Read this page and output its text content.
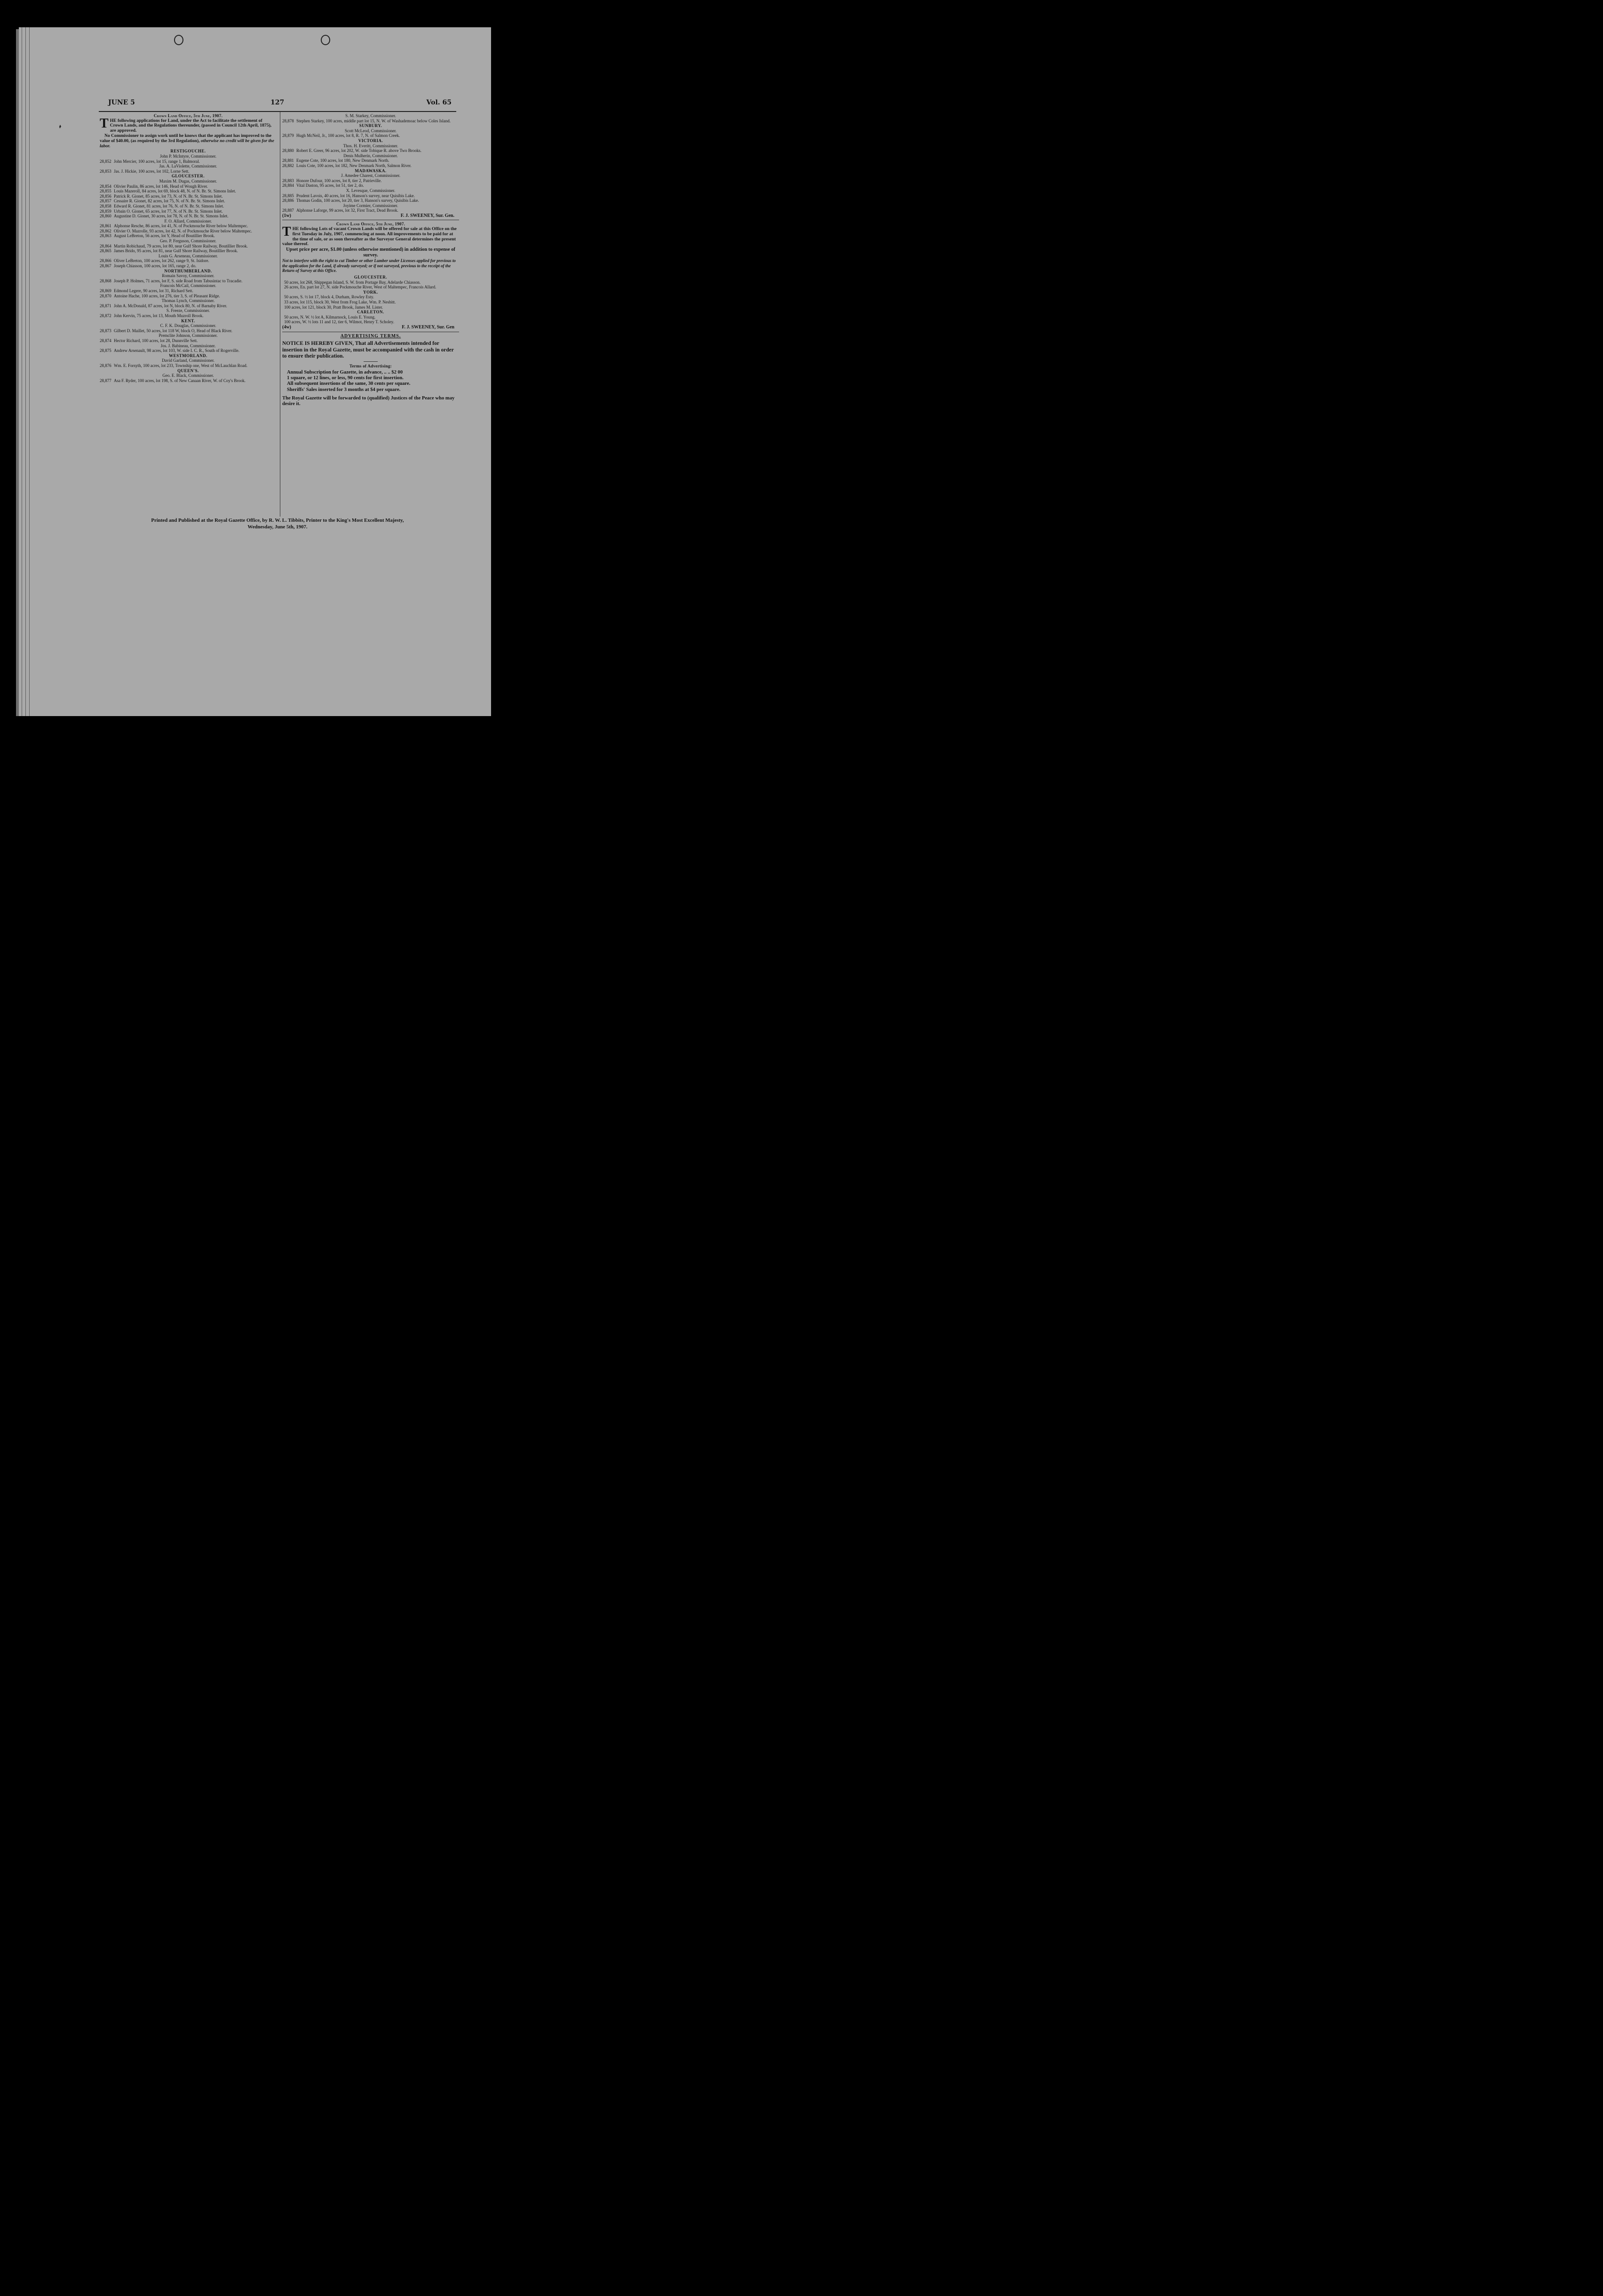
JUNE 5	127	Vol. 65
Crown Land Office, 5th June, 1907.
THE following applications for Land, under the Act to facilitate the settlement of Crown Lands, and the Regulations thereunder, (passed in Council 12th April, 1875), are approved.
No Commissioner to assign work until he knows that the applicant has improved to the value of $40.00, (as required by the 3rd Regulation), otherwise no credit will be given for the labor.
RESTIGOUCHE.
John P. McIntyre, Commissioner.
28,852 John Mercier, 100 acres, lot 15, range 1, Balmoral.
Jas. A. LaViolette, Commissioner.
28,853 Jas. J. Hickie, 100 acres, lot 102, Lorne Sett.
GLOUCESTER.
Maxim M. Dugas, Commissioner.
28,854 Olivier Paulin, 86 acres, lot 146, Head of Wough River.
28,855 Louis Mazeroll, 84 acres, lot 69, block 48, N. of N. Br. St. Simons Inlet.
28,856 Patrick R. Gionet, 85 acres, lot 73, N. of N. Br. St. Simons Inlet.
28,857 Cessaire R. Gionet, 82 acres, lot 75, N. of N. Br. St. Simons Inlet.
28,858 Edward R. Gionet, 81 acres, lot 76, N. of N. Br. St. Simons Inlet.
28,859 Urbain O. Gionet, 65 acres, lot 77, N. of N. Br. St. Simons Inlet.
28,860 Augustine D. Gionet, 30 acres, lot 78, N. of N. Br. St. Simons Inlet.
F. O. Allard, Commissioner.
28,861 Alphonse Resche, 86 acres, lot 41, N. of Pockmouche River below Maltempec.
28,862 Olivier O. Mazrolle, 93 acres, lot 42, N. of Pockmouche River below Maltempec.
28,863 August LeBreton, 56 acres, lot Y, Head of Boutillier Brook.
Geo. P. Ferguson, Commissioner.
28,864 Martin Robichaud, 79 acres, lot 80, near Gulf Shore Railway, Boutillier Brook.
28,865 James Brido, 95 acres, lot 81, near Gulf Shore Railway, Boutillier Brook.
Louis G. Arseneau, Commissioner.
28,866 Oliver LeBreton, 100 acres, lot 262, range 9, St. Isidore.
28,867 Joseph Chiasson, 100 acres, lot 165, range 2, do.
NORTHUMBERLAND.
Romain Savoy, Commissioner.
28,868 Joseph P. Holmes, 71 acres, lot F, S. side Road from Tabusintac to Tracadie.
Francois McCail, Commissioner.
28,869 Edmond Legere, 90 acres, lot 31, Richard Sett.
28,870 Antoine Hache, 100 acres, lot 276, tier 3, S. of Pleasant Ridge.
Thomas Lynch, Commissioner.
28,871 John A. McDonald, 87 acres, lot N, block 80, N. of Barnaby River.
S. Freeze, Commissioner.
28,872 John Kervin, 75 acres, lot 13, Mouth Muzroll Brook.
KENT.
C. F. K. Douglas, Commissioner.
28,873 Gilbert D. Maillet, 50 acres, lot 118 W, block O, Head of Black River.
Premclite Johnson, Commissioner.
28,874 Hector Richard, 100 acres, lot 28, Dunnville Sett.
Jos. J. Babineau, Commissioner.
28,875 Andrew Arsenault, 98 acres, lot 103, W. side I. C. R., South of Rogerville.
WESTMORLAND.
David Garland, Commissioner.
28,876 Wm. E. Forsyth, 100 acres, lot 233, Township one, West of McLauchlan Road.
QUEEN'S.
Geo. E. Black, Commissioner.
28,877 Asa F. Ryder, 100 acres, lot 198, S. of New Canaan River, W. of Coy's Brook.
S. M. Starkey, Commissioner.
28,878 Stephen Starkey, 100 acres, middle part lot 15, N. W. of Washademoac below Coles Island.
SUNBURY.
Scott McLeod, Commissioner.
28,879 Hugh McNeil, Jr., 100 acres, lot 8, R. 7, N. of Salmon Creek.
VICTORIA.
Thos. H. Everitt, Commissioner.
28,880 Robert E. Greer, 96 acres, lot 202, W. side Tobique R. above Two Brooks.
Denis Mulherin, Commissioner.
28,881 Eugene Cote, 100 acres, lot 180, New Denmark North.
28,882 Louis Cote, 100 acres, lot 182, New Denmark North, Salmon River.
MADAWASKA.
J. Amedee Charest, Commissioner.
28,883 Honore Dufour, 100 acres, lot 8, tier 2, Patrieville.
28,884 Vital Daston, 95 acres, lot 51, tier 2, do.
X. Levesque, Commissioner.
28,885 Prudent Lavois, 40 acres, lot 16, Hanson's survey, near Quisibis Lake.
28,886 Thomas Godin, 100 acres, lot 20, tier 3, Hanson's survey, Quisibis Lake.
Joyime Cormier, Commissioner.
28,887 Alphonse Laforge, 99 acres, lot 32, First Tract, Dead Brook.
(1w)	F. J. SWEENEY, Sur. Gen.
Crown Land Office, 5th June, 1907.
THE following Lots of vacant Crown Lands will be offered for sale at this Office on the first Tuesday in July, 1907, commencing at noon. All improvements to be paid for at the time of sale, or as soon thereafter as the Surveyor General determines the present value thereof.
Upset price per acre, $1.00 (unless otherwise mentioned) in addition to expense of survey.
Not to interfere with the right to cut Timber or other Lumber under Licenses applied for previous to the application for the Land, if already surveyed; or if not surveyed, previous to the receipt of the Return of Survey at this Office.
GLOUCESTER.
50 acres, lot 268, Shippegan Island, S. W. from Portage Bay, Adelarde Chiasson.
26 acres, En. part lot 27, N. side Pockmouche River, West of Maltempec, Francois Allard.
YORK.
50 acres, S. ½ lot 17, block 4, Durham, Rowley Esty.
33 acres, lot 115, block 30, West from Frog Lake, Wm. P. Nesbitt.
100 acres, lot 121, block 30, Pratt Brook, James M. Lister.
CARLETON.
50 acres, N. W. ½ lot A, Kilmarnock, Louis E. Young.
100 acres, W. ½ lots 11 and 12, tier 6, Wilmot, Henry T. Scholey.
(4w)	F. J. SWEENEY, Sur. Gen
ADVERTISING TERMS.
NOTICE IS HEREBY GIVEN, That all Advertisements intended for insertion in the Royal Gazette, must be accompanied with the cash in order to ensure their publication.
Terms of Advertising:
Annual Subscription for Gazette, in advance, .. .. $2 00
1 square, or 12 lines, or less, 90 cents for first insertion.
All subsequent insertions of the same, 30 cents per square.
Sheriffs' Sales inserted for 3 months at $4 per square.
The Royal Gazette will be forwarded to (qualified) Justices of the Peace who may desire it.
Printed and Published at the Royal Gazette Office, by R. W. L. Tibbits, Printer to the King's Most Excellent Majesty,
Wednesday, June 5th, 1907.
